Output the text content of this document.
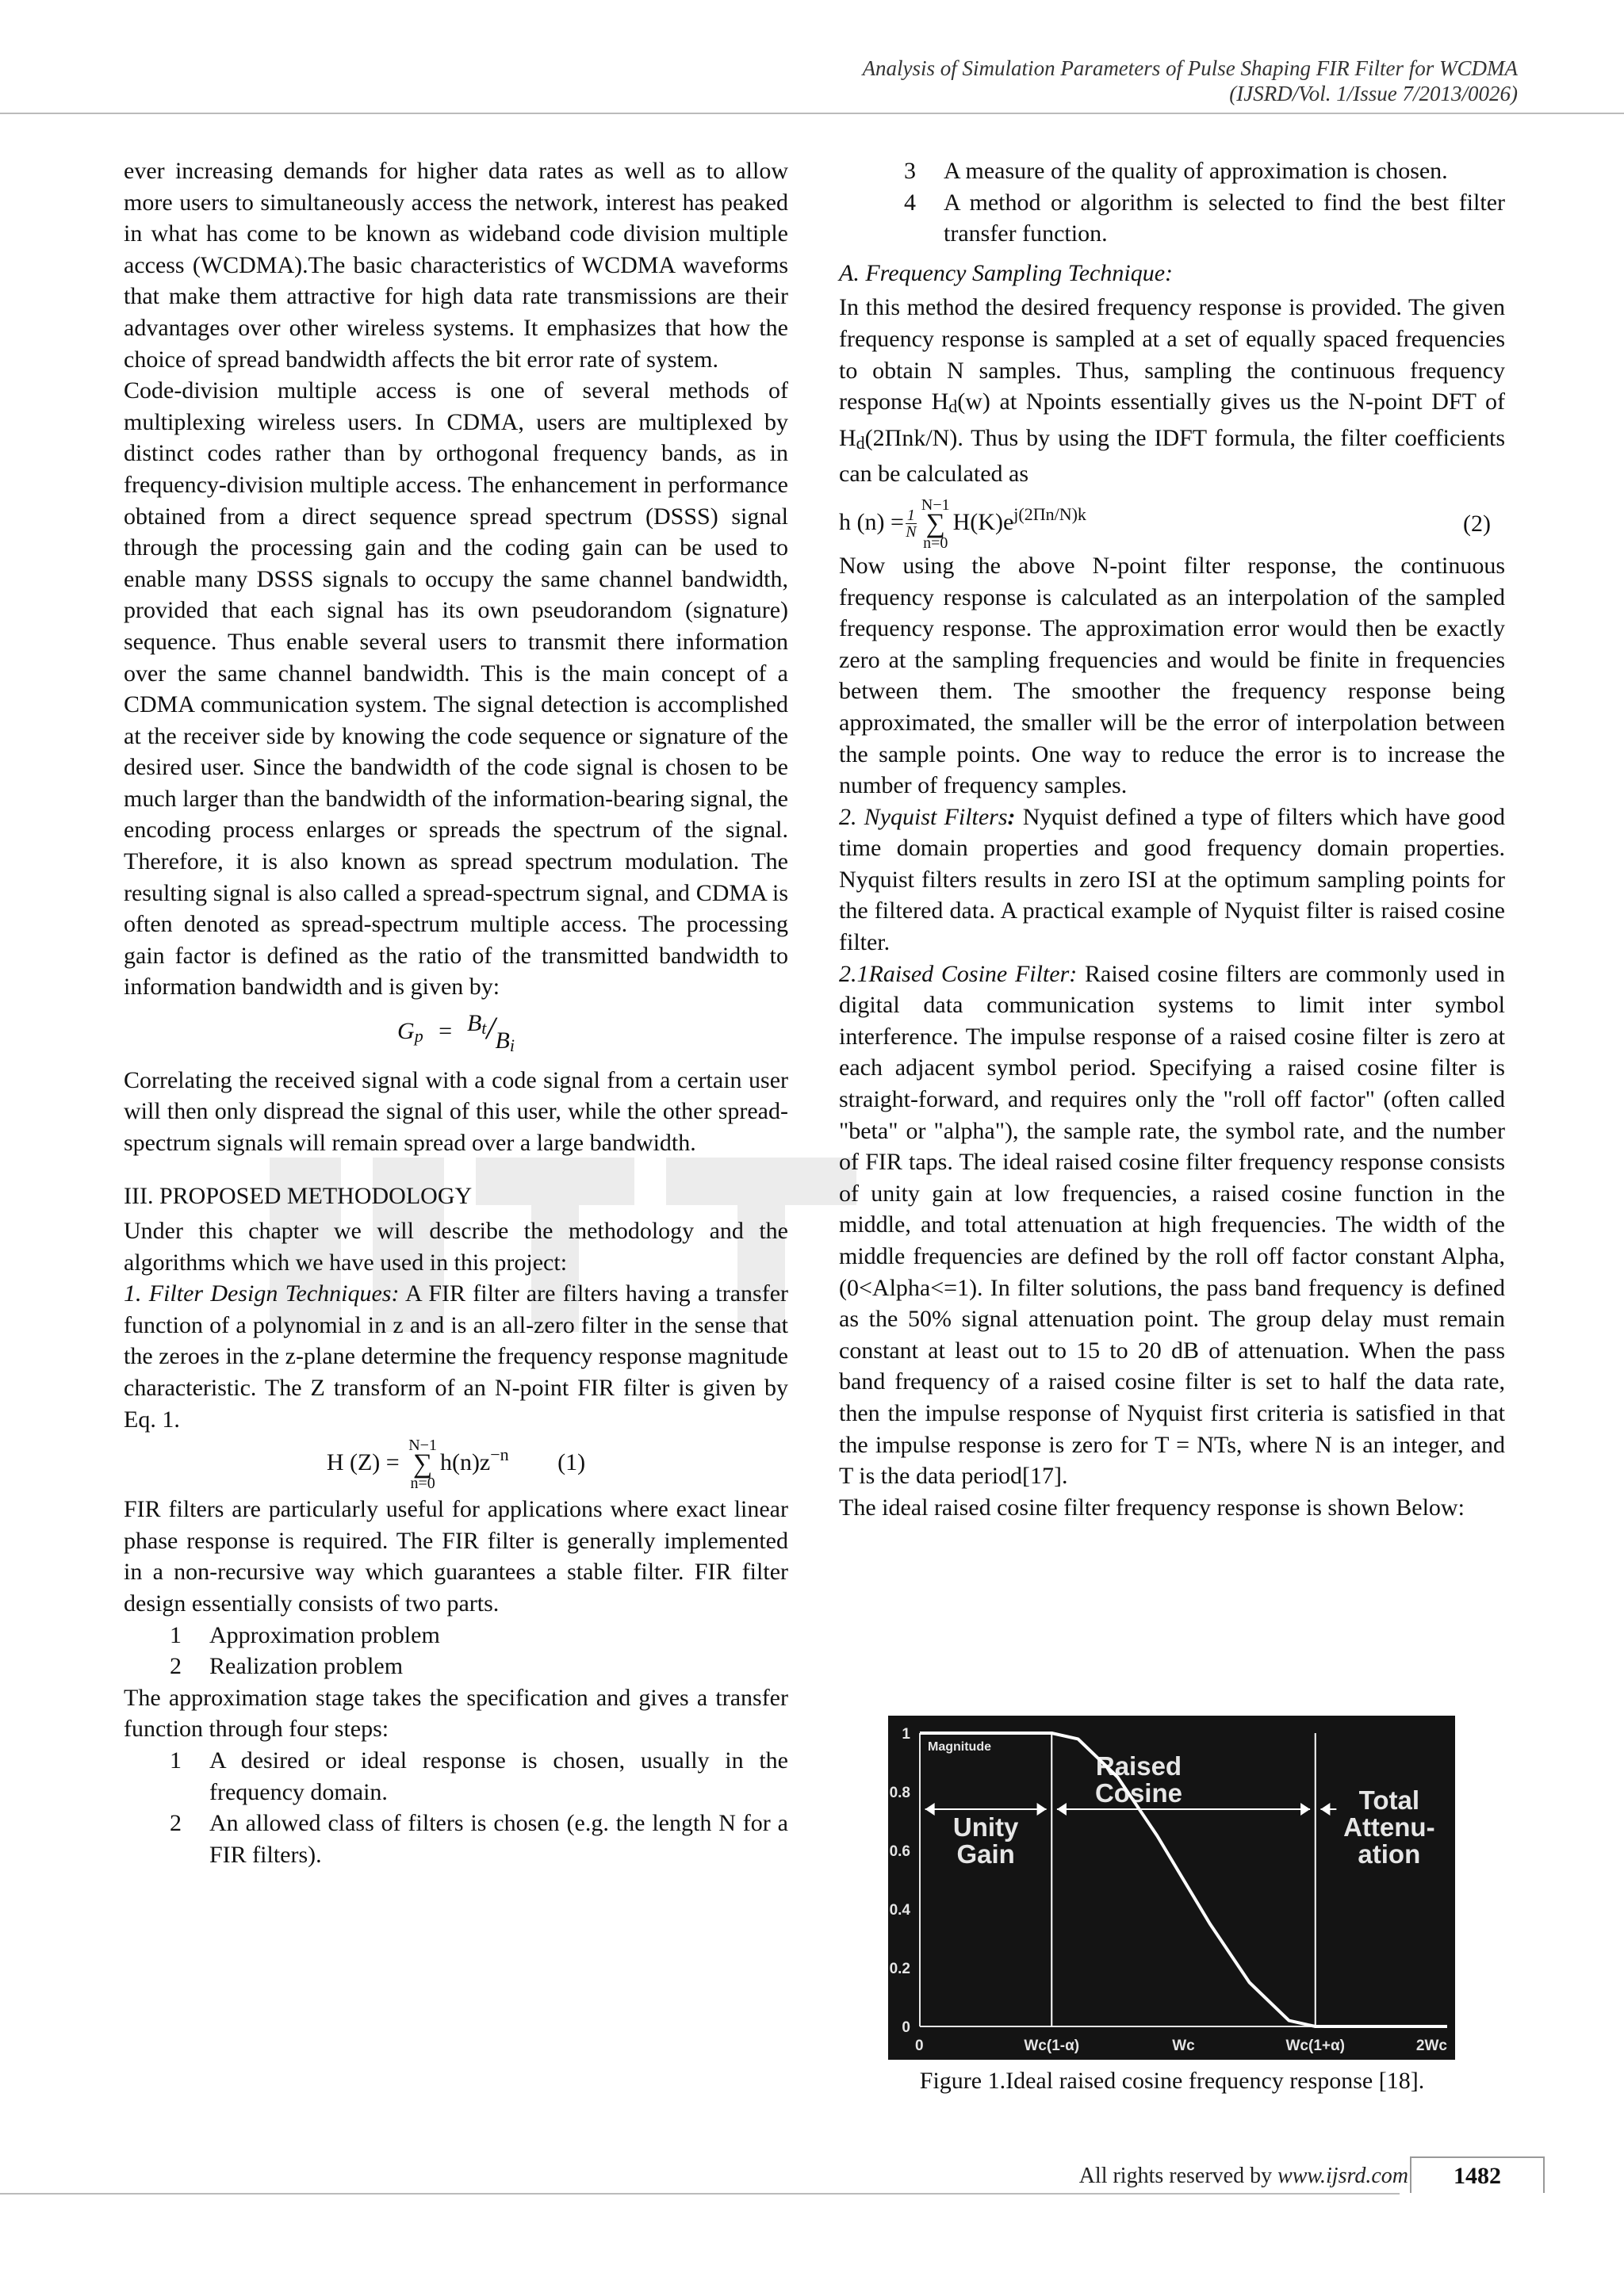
Analysis of Simulation Parameters of Pulse Shaping FIR Filter for WCDMA
(IJSRD/Vol. 1/Issue 7/2013/0026)

ever increasing demands for higher data rates as well as to allow more users to simultaneously access the network, interest has peaked in what has come to be known as wideband code division multiple access (WCDMA).The basic characteristics of WCDMA waveforms that make them attractive for high data rate transmissions are their advantages over other wireless systems. It emphasizes that how the choice of spread bandwidth affects the bit error rate of system.

Code-division multiple access is one of several methods of multiplexing wireless users. In CDMA, users are multiplexed by distinct codes rather than by orthogonal frequency bands, as in frequency-division multiple access. The enhancement in performance obtained from a direct sequence spread spectrum (DSSS) signal through the processing gain and the coding gain can be used to enable many DSSS signals to occupy the same channel bandwidth, provided that each signal has its own pseudorandom (signature) sequence. Thus enable several users to transmit there information over the same channel bandwidth. This is the main concept of a CDMA communication system. The signal detection is accomplished at the receiver side by knowing the code sequence or signature of the desired user. Since the bandwidth of the code signal is chosen to be much larger than the bandwidth of the information-bearing signal, the encoding process enlarges or spreads the spectrum of the signal. Therefore, it is also known as spread spectrum modulation. The resulting signal is also called a spread-spectrum signal, and CDMA is often denoted as spread-spectrum multiple access. The processing gain factor is defined as the ratio of the transmitted bandwidth to information bandwidth and is given by:

Gp = Bt/Bi

Correlating the received signal with a code signal from a certain user will then only dispread the signal of this user, while the other spread-spectrum signals will remain spread over a large bandwidth.

III. PROPOSED METHODOLOGY

Under this chapter we will describe the methodology and the algorithms which we have used in this project:

1. Filter Design Techniques: A FIR filter are filters having a transfer function of a polynomial in z and is an all-zero filter in the sense that the zeroes in the z-plane determine the frequency response magnitude characteristic. The Z transform of an N-point FIR filter is given by Eq. 1.

H (Z) =
N−1
∑
n=0
$h(n)z^{-n}$ (1)

FIR filters are particularly useful for applications where exact linear phase response is required. The FIR filter is generally implemented in a non-recursive way which guarantees a stable filter. FIR filter design essentially consists of two parts.

1	Approximation problem
2	Realization problem

The approximation stage takes the specification and gives a transfer function through four steps:

1	A desired or ideal response is chosen, usually in the frequency domain.
2	An allowed class of filters is chosen (e.g. the length N for a FIR filters).
3	A measure of the quality of approximation is chosen.
4	A method or algorithm is selected to find the best filter transfer function.

A. Frequency Sampling Technique:

In this method the desired frequency response is provided. The given frequency response is sampled at a set of equally spaced frequencies to obtain N samples. Thus, sampling the continuous frequency response Hd(w) at Npoints essentially gives us the N-point DFT of Hd(2Πnk/N). Thus by using the IDFT formula, the filter coefficients can be calculated as

h $(n) = \frac{1}{N}$
N−1
∑
n=0
$H(K)e^{j(2\Pi n/N)k}$	(2)

Now using the above N-point filter response, the continuous frequency response is calculated as an interpolation of the sampled frequency response. The approximation error would then be exactly zero at the sampling frequencies and would be finite in frequencies between them. The smoother the frequency response being approximated, the smaller will be the error of interpolation between the sample points. One way to reduce the error is to increase the number of frequency samples.

2. Nyquist Filters: Nyquist defined a type of filters which have good time domain properties and good frequency domain properties. Nyquist filters results in zero ISI at the optimum sampling points for the filtered data. A practical example of Nyquist filter is raised cosine filter.

2.1Raised Cosine Filter: Raised cosine filters are commonly used in digital data communication systems to limit inter symbol interference. The impulse response of a raised cosine filter is zero at each adjacent symbol period. Specifying a raised cosine filter is straight-forward, and requires only the "roll off factor" (often called "beta" or "alpha"), the sample rate, the symbol rate, and the number of FIR taps. The ideal raised cosine filter frequency response consists of unity gain at low frequencies, a raised cosine function in the middle, and total attenuation at high frequencies. The width of the middle frequencies are defined by the roll off factor constant Alpha, (0<Alpha<=1). In filter solutions, the pass band frequency is defined as the 50% signal attenuation point. The group delay must remain constant at least out to 15 to 20 dB of attenuation. When the pass band frequency of a raised cosine filter is set to half the data rate, then the impulse response of Nyquist first criteria is satisfied in that the impulse response is zero for T = NTs, where N is an integer, and T is the data period[17].

The ideal raised cosine filter frequency response is shown Below:

0
0.2
0.4
0.6
0.8
1
0	Wc(1-α)	Wc	Wc(1+α)	2Wc
Magnitude
Unity
Gain
Raised
Cosine	Total
Attenu-
ation
Figure 1.Ideal raised cosine frequency response [18].
All rights reserved by www.ijsrd.com	1482
